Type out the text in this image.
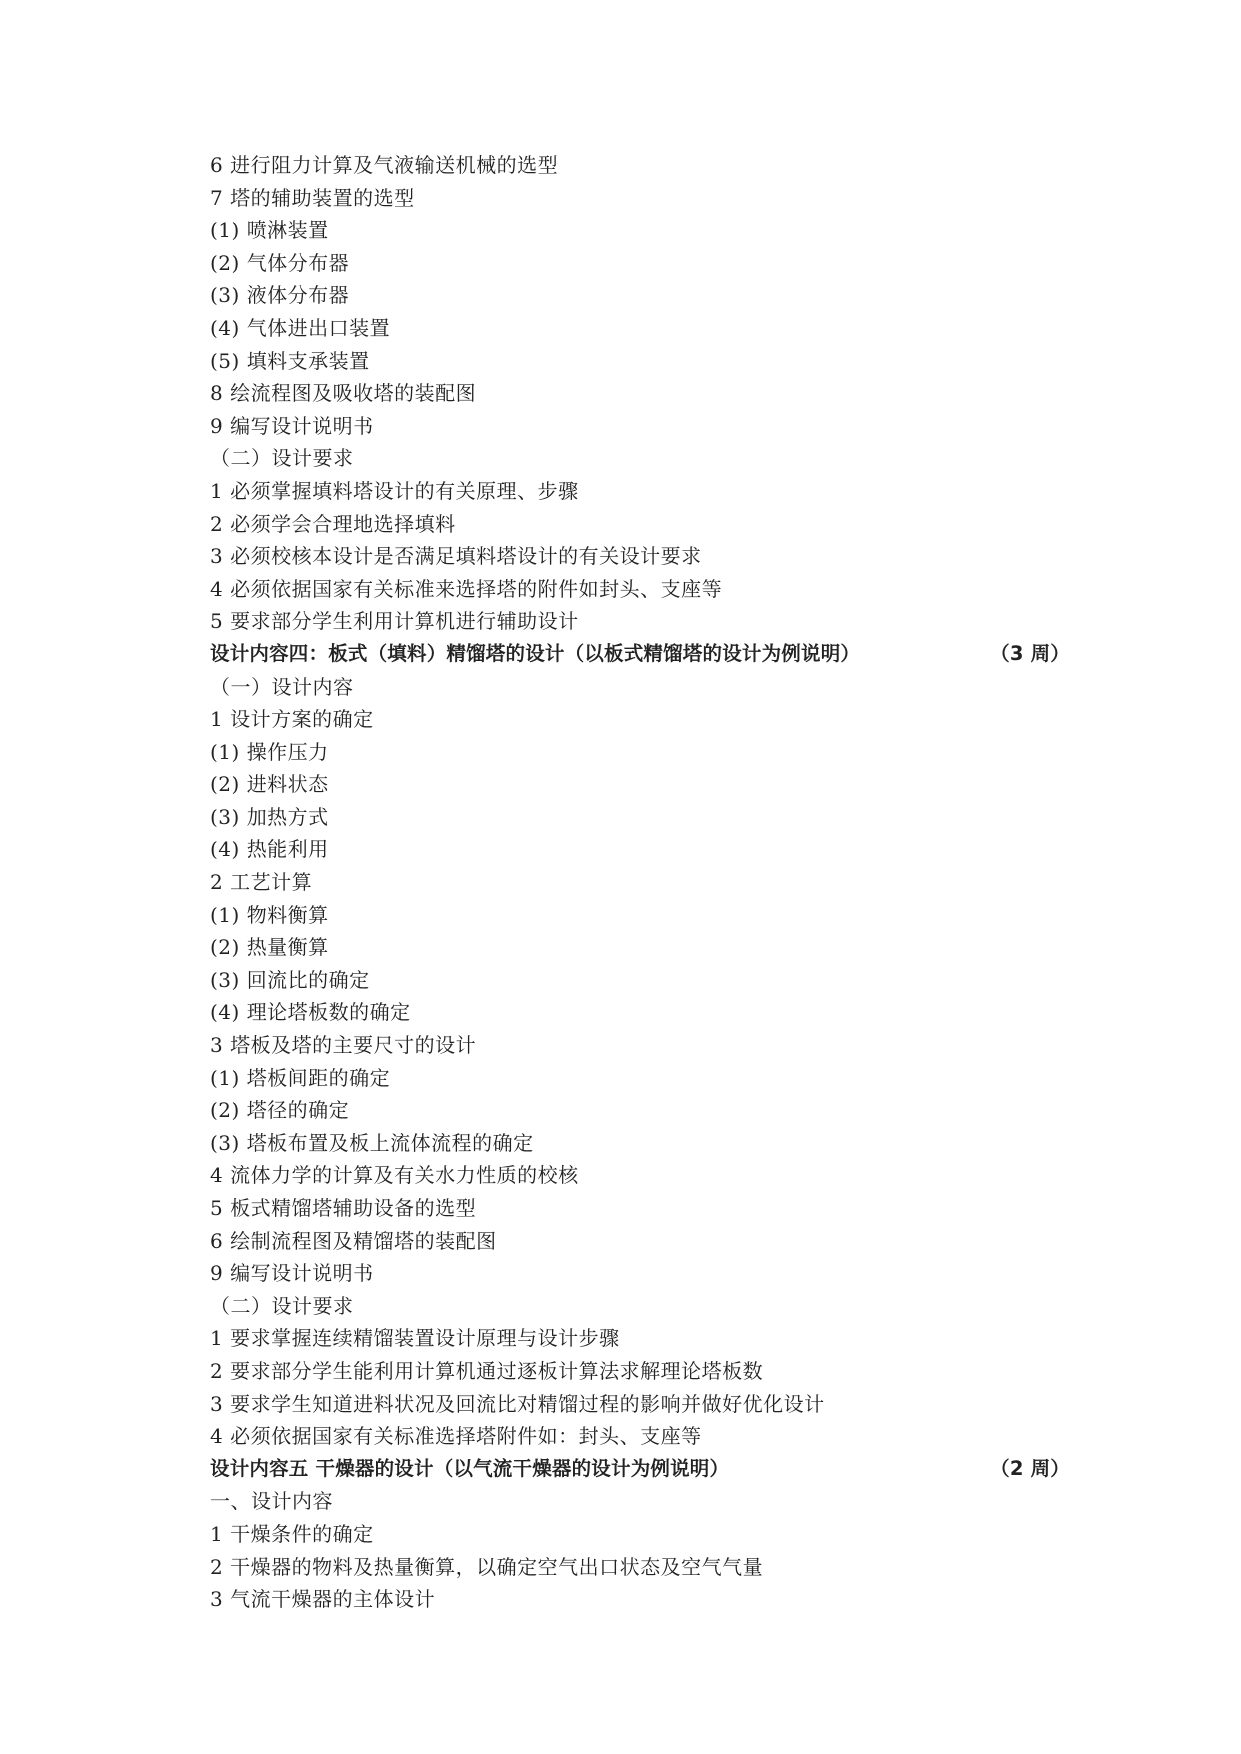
6 进行阻力计算及气液输送机械的选型
7 塔的辅助装置的选型
(1) 喷淋装置
(2) 气体分布器
(3) 液体分布器
(4) 气体进出口装置
(5) 填料支承装置
8 绘流程图及吸收塔的装配图
9 编写设计说明书
（二）设计要求
1 必须掌握填料塔设计的有关原理、步骤
2 必须学会合理地选择填料
3 必须校核本设计是否满足填料塔设计的有关设计要求
4 必须依据国家有关标准来选择塔的附件如封头、支座等
5 要求部分学生利用计算机进行辅助设计
设计内容四：板式（填料）精馏塔的设计（以板式精馏塔的设计为例说明）	（3 周）
（一）设计内容
1 设计方案的确定
(1) 操作压力
(2) 进料状态
(3) 加热方式
(4) 热能利用
2 工艺计算
(1) 物料衡算
(2) 热量衡算
(3) 回流比的确定
(4) 理论塔板数的确定
3 塔板及塔的主要尺寸的设计
(1) 塔板间距的确定
(2) 塔径的确定
(3) 塔板布置及板上流体流程的确定
4 流体力学的计算及有关水力性质的校核
5 板式精馏塔辅助设备的选型
6 绘制流程图及精馏塔的装配图
9 编写设计说明书
（二）设计要求
1 要求掌握连续精馏装置设计原理与设计步骤
2 要求部分学生能利用计算机通过逐板计算法求解理论塔板数
3 要求学生知道进料状况及回流比对精馏过程的影响并做好优化设计
4 必须依据国家有关标准选择塔附件如：封头、支座等
设计内容五 干燥器的设计（以气流干燥器的设计为例说明）	（2 周）
一、设计内容
1 干燥条件的确定
2 干燥器的物料及热量衡算，以确定空气出口状态及空气气量
3 气流干燥器的主体设计
